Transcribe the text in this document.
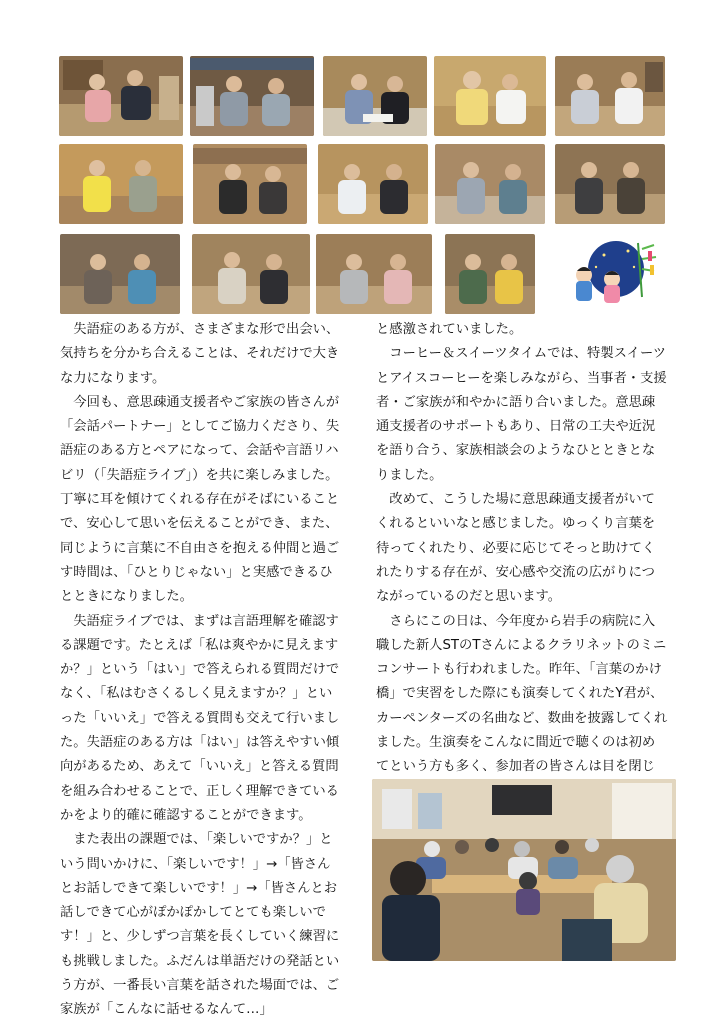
失語症のある方が、さまざまな形で出会い、気持ちを分かち合えることは、それだけで大きな力になります。

今回も、意思疎通支援者やご家族の皆さんが「会話パートナー」としてご協力くださり、失語症のある方とペアになって、会話や言語リハビリ（「失語症ライブ」）を共に楽しみました。丁寧に耳を傾けてくれる存在がそばにいることで、安心して思いを伝えることができ、また、同じように言葉に不自由さを抱える仲間と過ごす時間は、「ひとりじゃない」と実感できるひとときになりました。

失語症ライブでは、まずは言語理解を確認する課題です。たとえば「私は爽やかに見えますか？」という「はい」で答えられる質問だけでなく、「私はむさくるしく見えますか？」といった「いいえ」で答える質問も交えて行いました。失語症のある方は「はい」は答えやすい傾向があるため、あえて「いいえ」と答える質問を組み合わせることで、正しく理解できているかをより的確に確認することができます。

また表出の課題では、「楽しいですか？」という問いかけに、「楽しいです！」→「皆さんとお話しできて楽しいです！」→「皆さんとお話しできて心がぽかぽかしてとても楽しいです！」と、少しずつ言葉を長くしていく練習にも挑戦しました。ふだんは単語だけの発話という方が、一番長い言葉を話された場面では、ご家族が「こんなに話せるなんて…」

と感激されていました。

コーヒー＆スイーツタイムでは、特製スイーツとアイスコーヒーを楽しみながら、当事者・支援者・ご家族が和やかに語り合いました。意思疎通支援者のサポートもあり、日常の工夫や近況を語り合う、家族相談会のようなひとときとなりました。

改めて、こうした場に意思疎通支援者がいてくれるといいなと感じました。ゆっくり言葉を待ってくれたり、必要に応じてそっと助けてくれたりする存在が、安心感や交流の広がりにつながっているのだと思います。

さらにこの日は、今年度から岩手の病院に入職した新人STのTさんによるクラリネットのミニコンサートも行われました。昨年、「言葉のかけ橋」で実習をした際にも演奏してくれたY君が、カーペンターズの名曲など、数曲を披露してくれました。生演奏をこんなに間近で聴くのは初めてという方も多く、参加者の皆さんは目を閉じ
